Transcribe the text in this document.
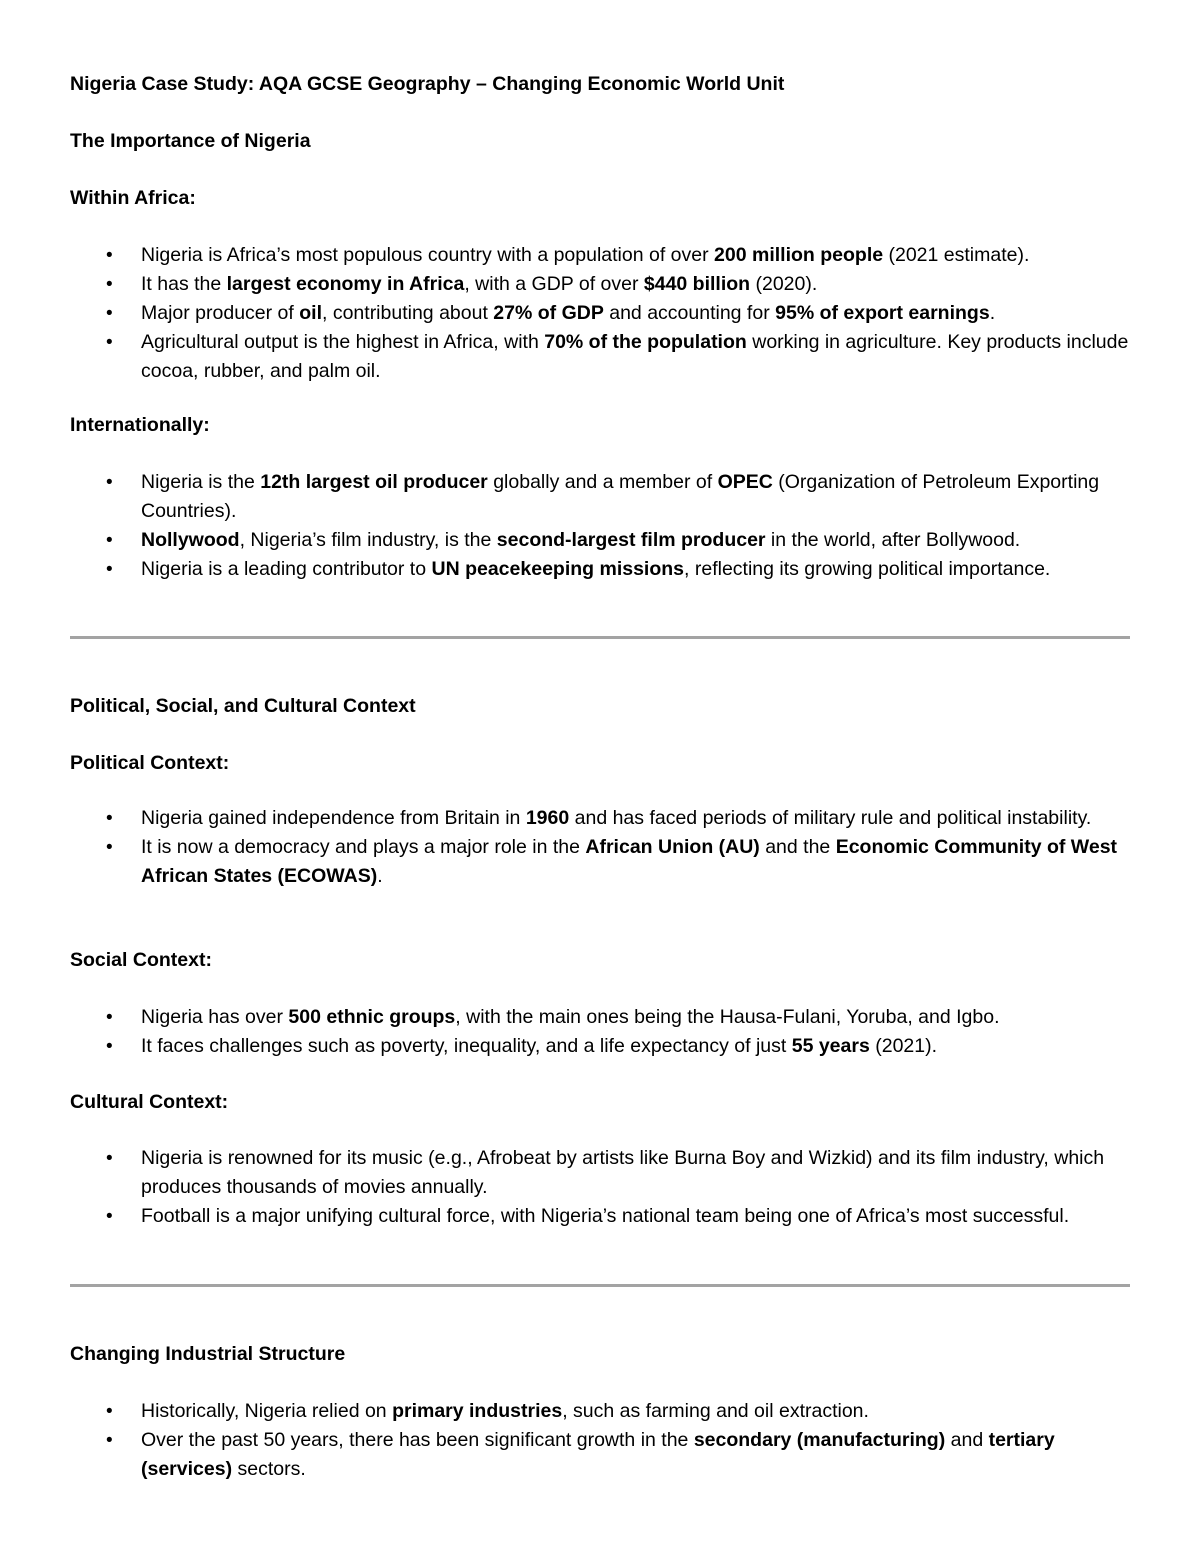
Nigeria Case Study: AQA GCSE Geography – Changing Economic World Unit
The Importance of Nigeria
Within Africa:
• Nigeria is Africa’s most populous country with a population of over 200 million people (2021 estimate).
• It has the largest economy in Africa, with a GDP of over $440 billion (2020).
• Major producer of oil, contributing about 27% of GDP and accounting for 95% of export earnings.
• Agricultural output is the highest in Africa, with 70% of the population working in agriculture. Key products include cocoa, rubber, and palm oil.
Internationally:
• Nigeria is the 12th largest oil producer globally and a member of OPEC (Organization of Petroleum Exporting Countries).
• Nollywood, Nigeria’s film industry, is the second-largest film producer in the world, after Bollywood.
• Nigeria is a leading contributor to UN peacekeeping missions, reflecting its growing political importance.
Political, Social, and Cultural Context
Political Context:
• Nigeria gained independence from Britain in 1960 and has faced periods of military rule and political instability.
• It is now a democracy and plays a major role in the African Union (AU) and the Economic Community of West African States (ECOWAS).
Social Context:
• Nigeria has over 500 ethnic groups, with the main ones being the Hausa-Fulani, Yoruba, and Igbo.
• It faces challenges such as poverty, inequality, and a life expectancy of just 55 years (2021).
Cultural Context:
• Nigeria is renowned for its music (e.g., Afrobeat by artists like Burna Boy and Wizkid) and its film industry, which produces thousands of movies annually.
• Football is a major unifying cultural force, with Nigeria’s national team being one of Africa’s most successful.
Changing Industrial Structure
• Historically, Nigeria relied on primary industries, such as farming and oil extraction.
• Over the past 50 years, there has been significant growth in the secondary (manufacturing) and tertiary (services) sectors.
